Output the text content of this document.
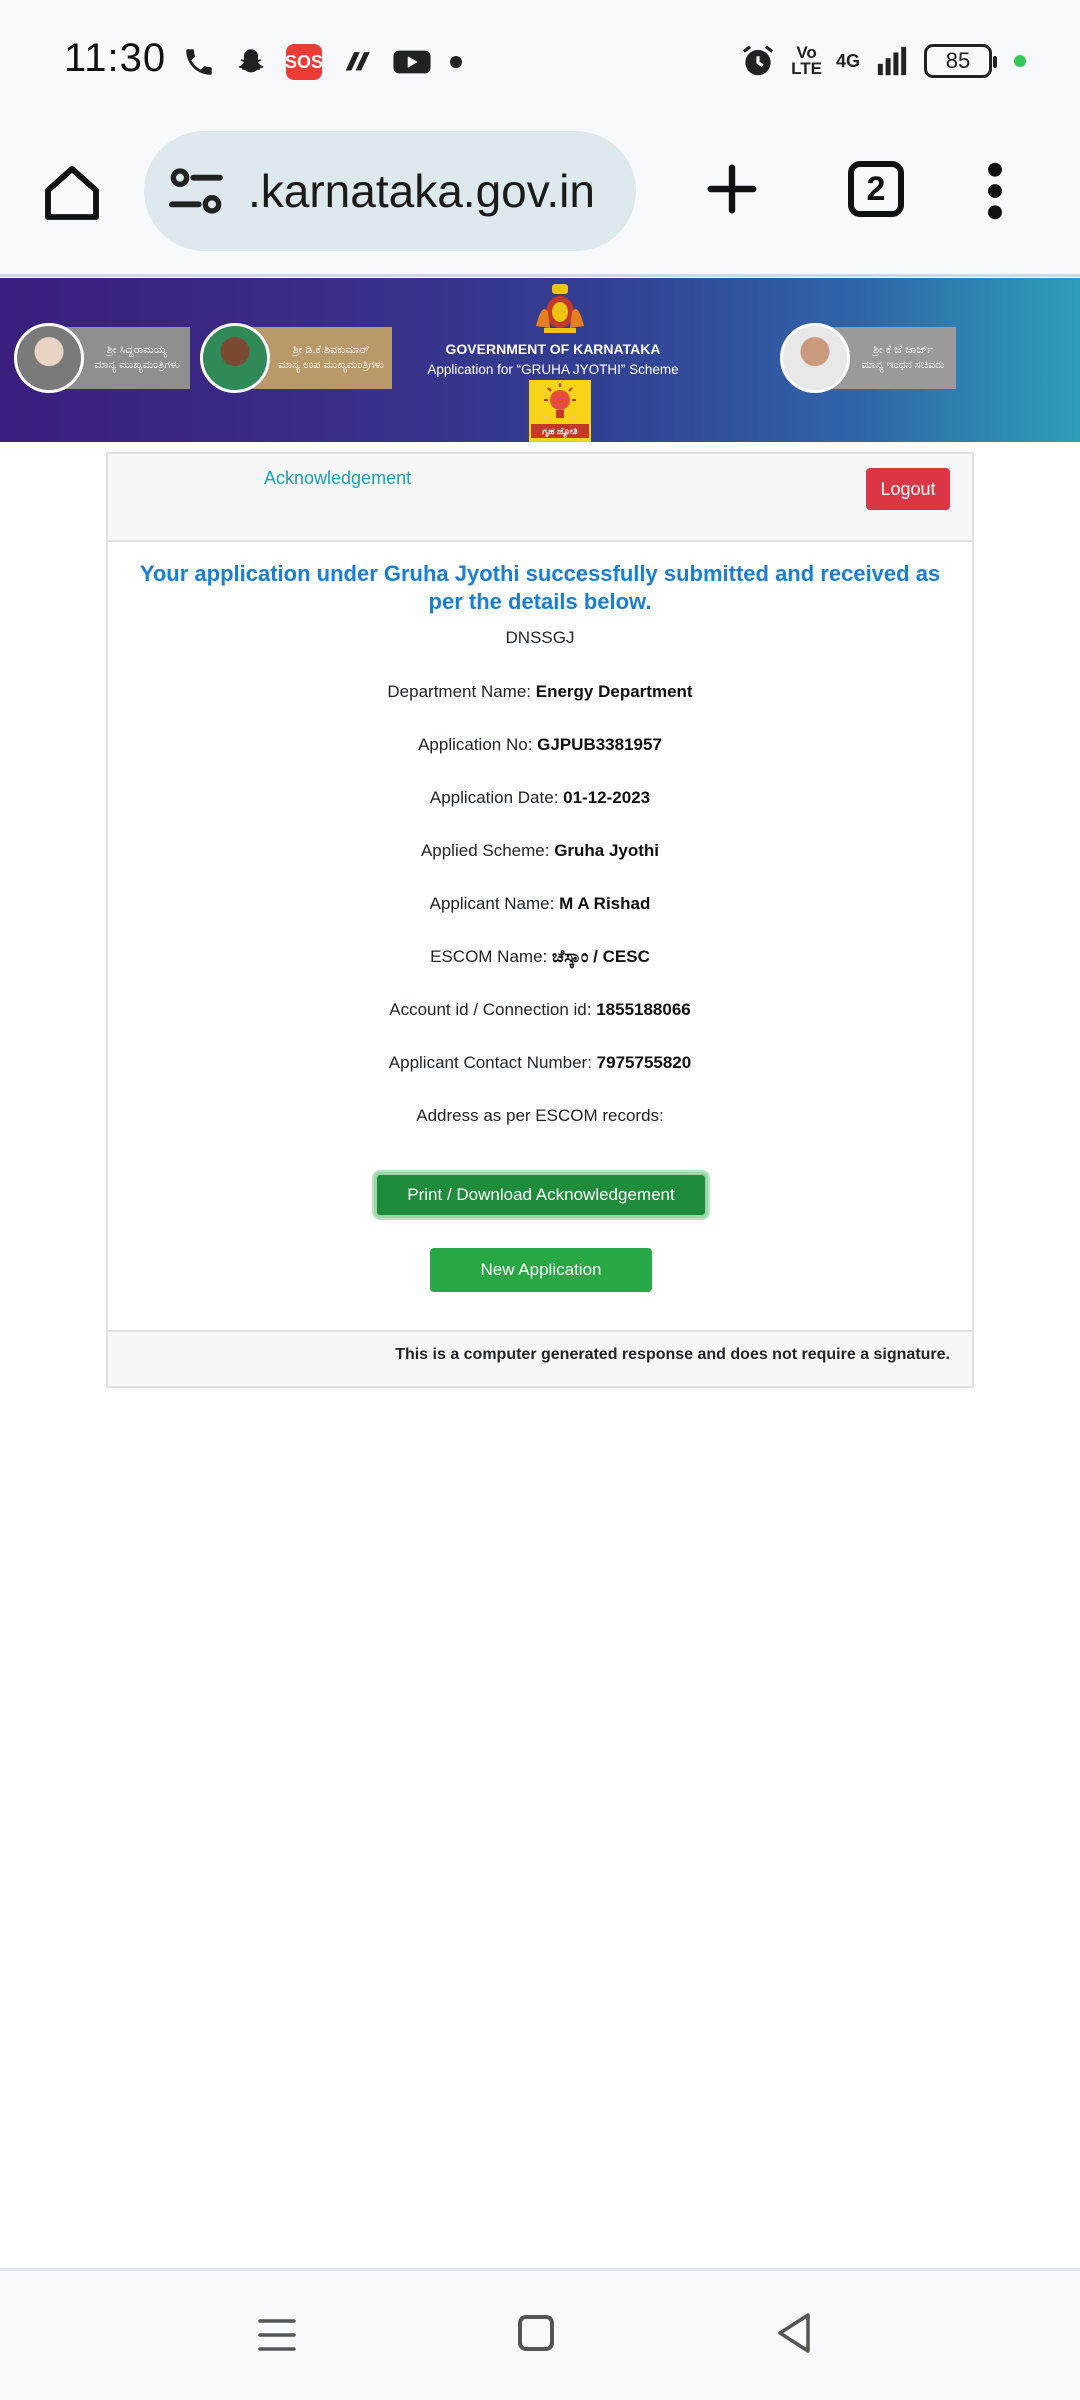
11:30	SOS	Vo
LTE 4G	85
.karnataka.gov.in	2
ಶ್ರೀ ಸಿದ್ದರಾಮಯ್ಯ
ಮಾನ್ಯ ಮುಖ್ಯಮಂತ್ರಿಗಳು
ಶ್ರೀ ಡಿ.ಕೆ.ಶಿವಕುಮಾರ್
ಮಾನ್ಯ ಉಪ ಮುಖ್ಯಮಂತ್ರಿಗಳು
GOVERNMENT OF KARNATAKA
Application for “GRUHA JYOTHI” Scheme
ಗೃಹ ಜ್ಯೋತಿ
ಶ್ರೀ ಕೆ ಜೆ ಜಾರ್ಜ್
ಮಾನ್ಯ ಇಂಧನ ಸಚಿವರು
Acknowledgement
Logout
Your application under Gruha Jyothi successfully submitted and received as per the details below.
DNSSGJ
Department Name: Energy Department
Application No: GJPUB3381957
Application Date: 01-12-2023
Applied Scheme: Gruha Jyothi
Applicant Name: M A Rishad
ESCOM Name: ಚೆಸ್ಕಾಂ / CESC
Account id / Connection id: 1855188066
Applicant Contact Number: 7975755820
Address as per ESCOM records:
Print / Download Acknowledgement
New Application
This is a computer generated response and does not require a signature.
